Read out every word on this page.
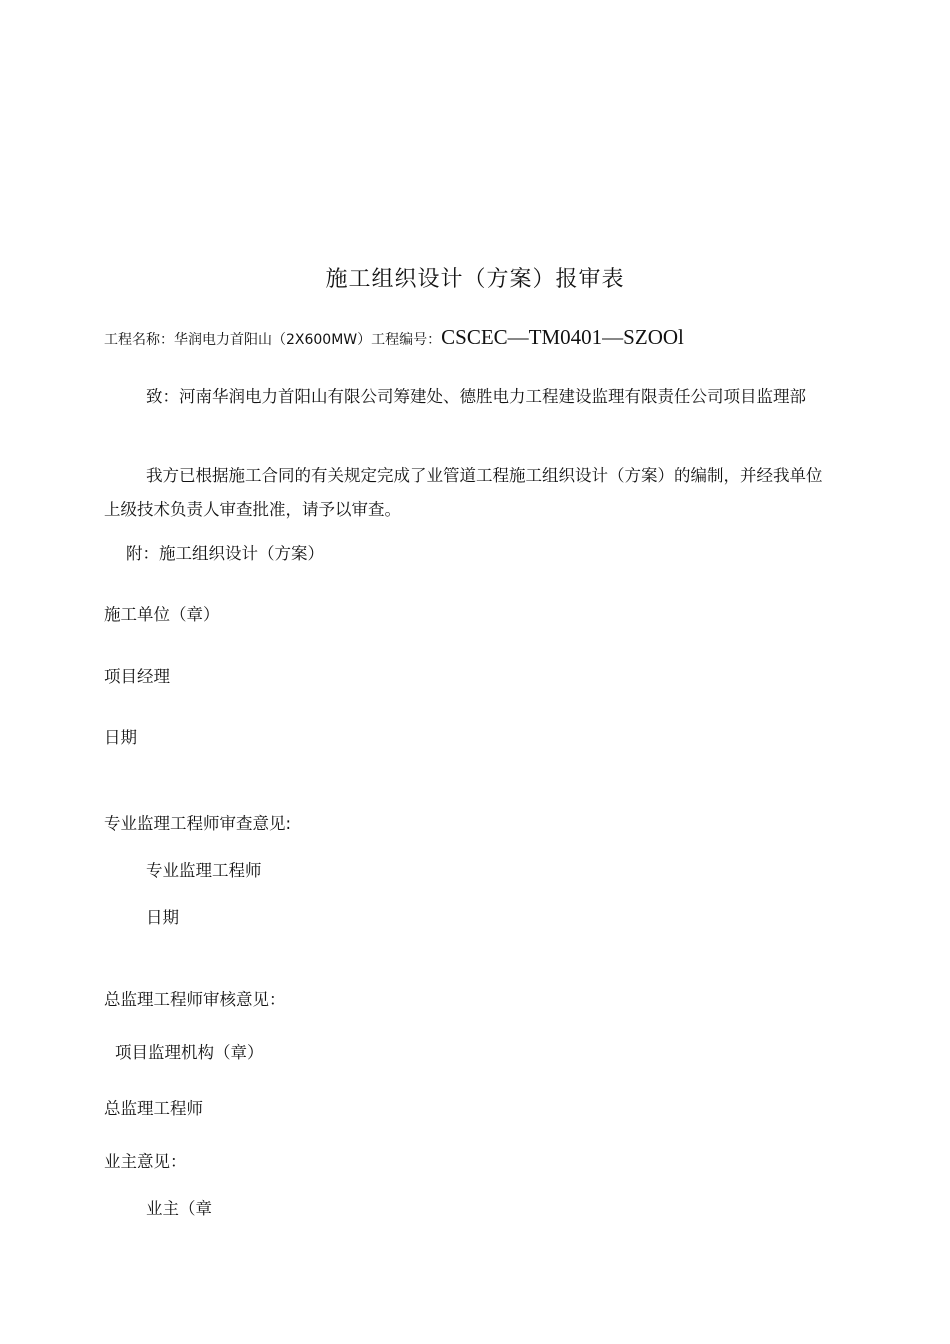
施工组织设计（方案）报审表
工程名称：华润电力首阳山（2X600MW）工程编号：CSCEC—TM0401—SZOOl
致：河南华润电力首阳山有限公司筹建处、德胜电力工程建设监理有限责任公司项目监理部
我方已根据施工合同的有关规定完成了业管道工程施工组织设计（方案）的编制，并经我单位上级技术负责人审查批准，请予以审查。
附：施工组织设计（方案）
施工单位（章）
项目经理
日期
专业监理工程师审查意见:
专业监理工程师
日期
总监理工程师审核意见：
项目监理机构（章）
总监理工程师
业主意见：
业主（章
